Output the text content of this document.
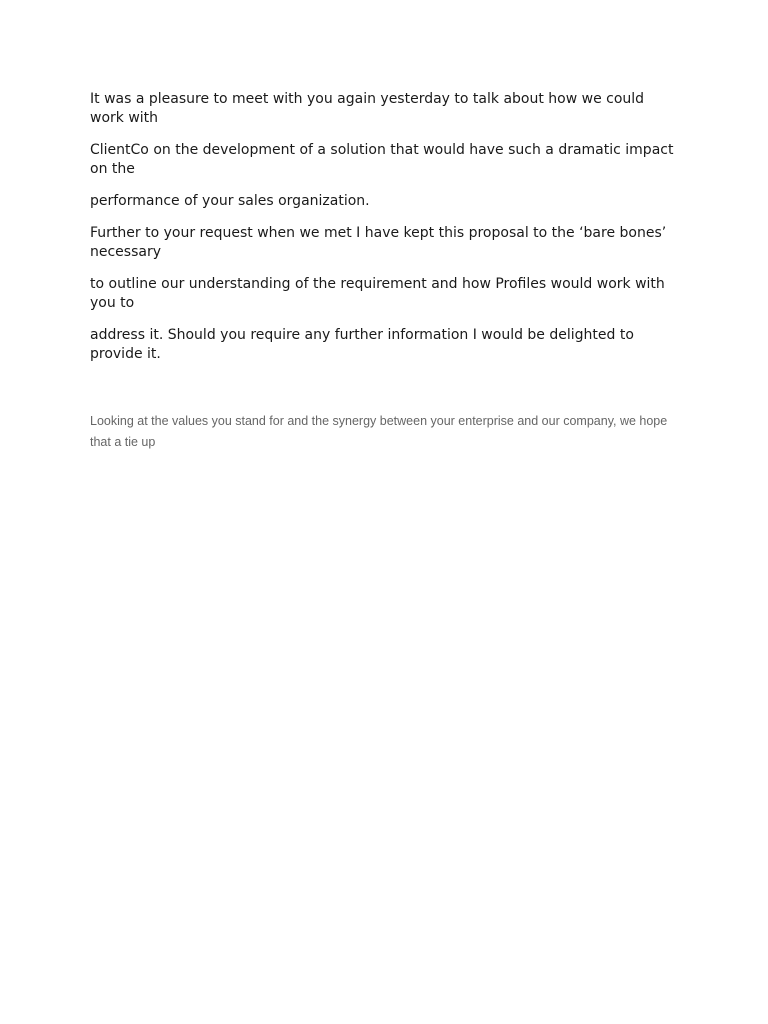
It was a pleasure to meet with you again yesterday to talk about how we could work with

ClientCo on the development of a solution that would have such a dramatic impact on the

performance of your sales organization.

Further to your request when we met I have kept this proposal to the ‘bare bones’ necessary

to outline our understanding of the requirement and how Profiles would work with you to

address it. Should you require any further information I would be delighted to provide it.

Looking at the values you stand for and the synergy between your enterprise and our company, we hope that a tie up
